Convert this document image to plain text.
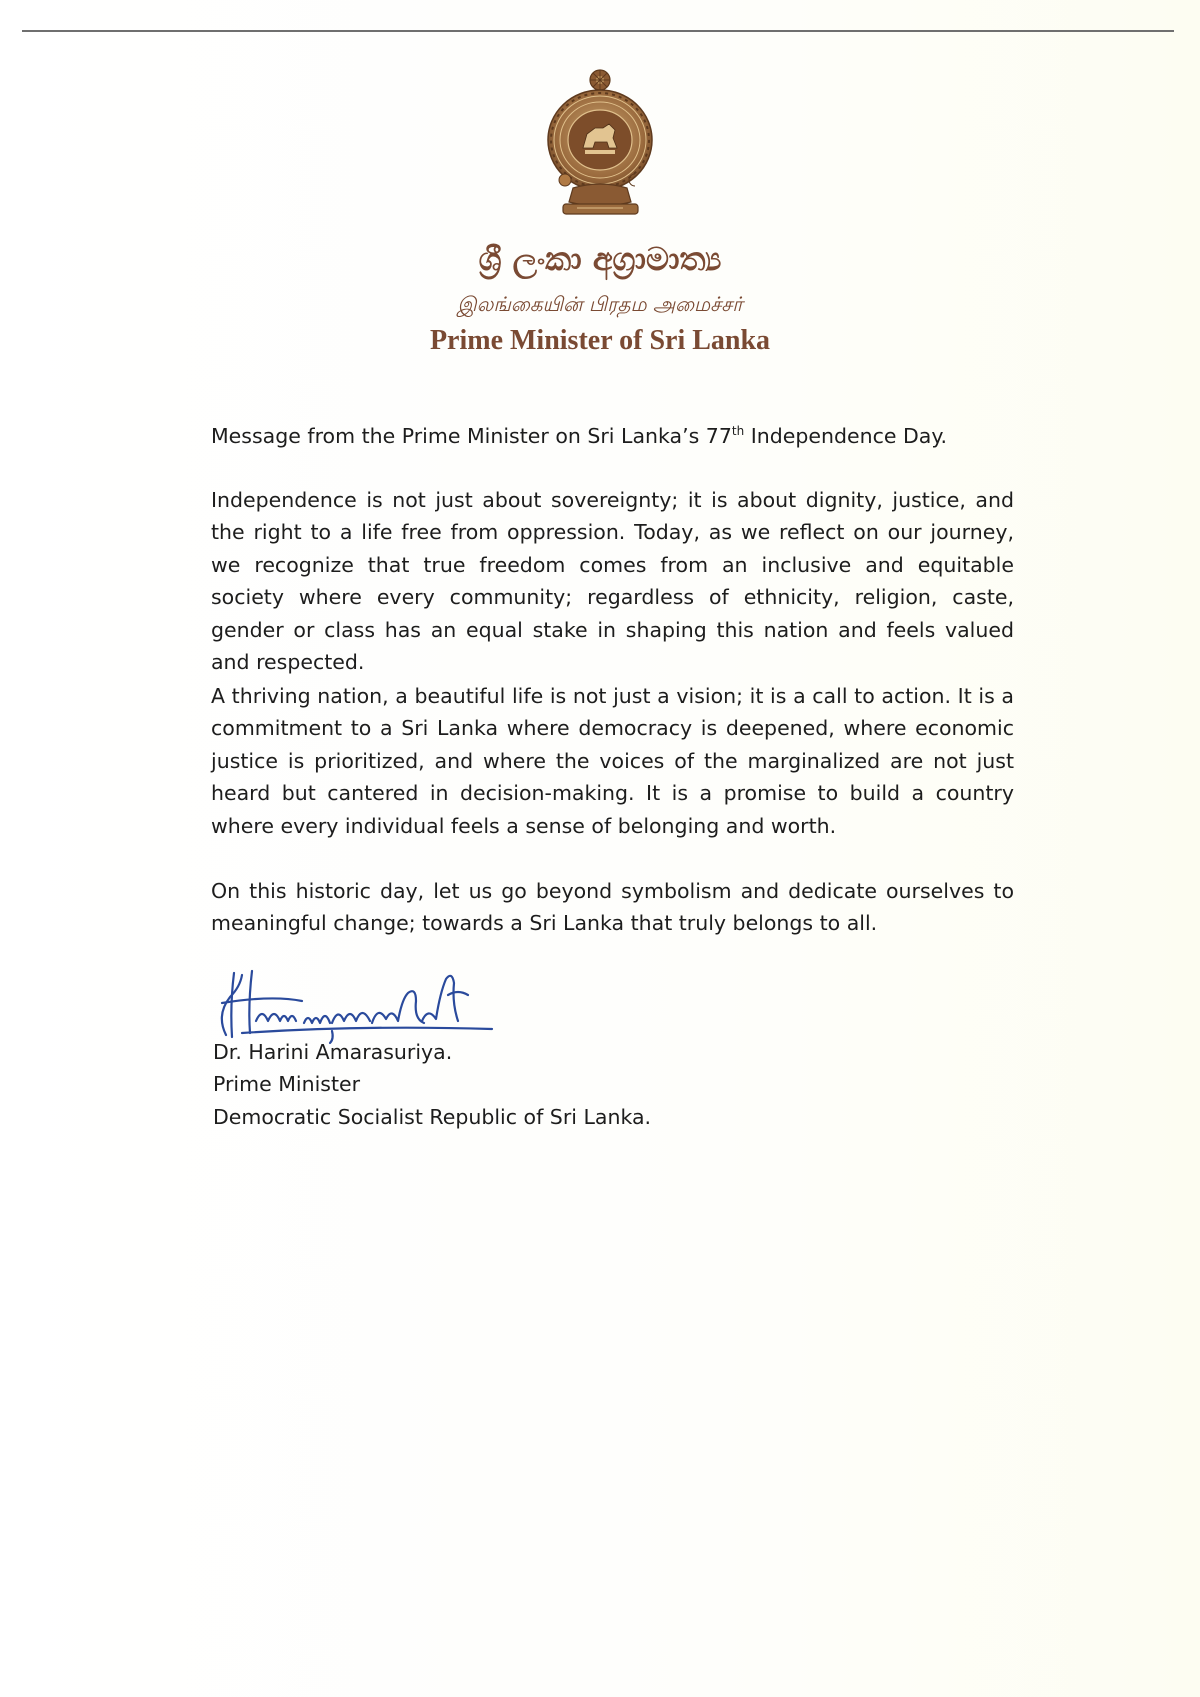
ශ්‍රී ලංකා අග්‍රාමාත්‍ය
இலங்கையின் பிரதம அமைச்சர்
Prime Minister of Sri Lanka
Message from the Prime Minister on Sri Lanka’s 77th Independence Day.
Independence is not just about sovereignty; it is about dignity, justice, and the right to a life free from oppression. Today, as we reflect on our journey, we recognize that true freedom comes from an inclusive and equitable society where every community; regardless of ethnicity, religion, caste, gender or class has an equal stake in shaping this nation and feels valued and respected.
A thriving nation, a beautiful life is not just a vision; it is a call to action. It is a commitment to a Sri Lanka where democracy is deepened, where economic justice is prioritized, and where the voices of the marginalized are not just heard but cantered in decision-making. It is a promise to build a country where every individual feels a sense of belonging and worth.
On this historic day, let us go beyond symbolism and dedicate ourselves to meaningful change; towards a Sri Lanka that truly belongs to all.
Dr. Harini Amarasuriya.
Prime Minister
Democratic Socialist Republic of Sri Lanka.
